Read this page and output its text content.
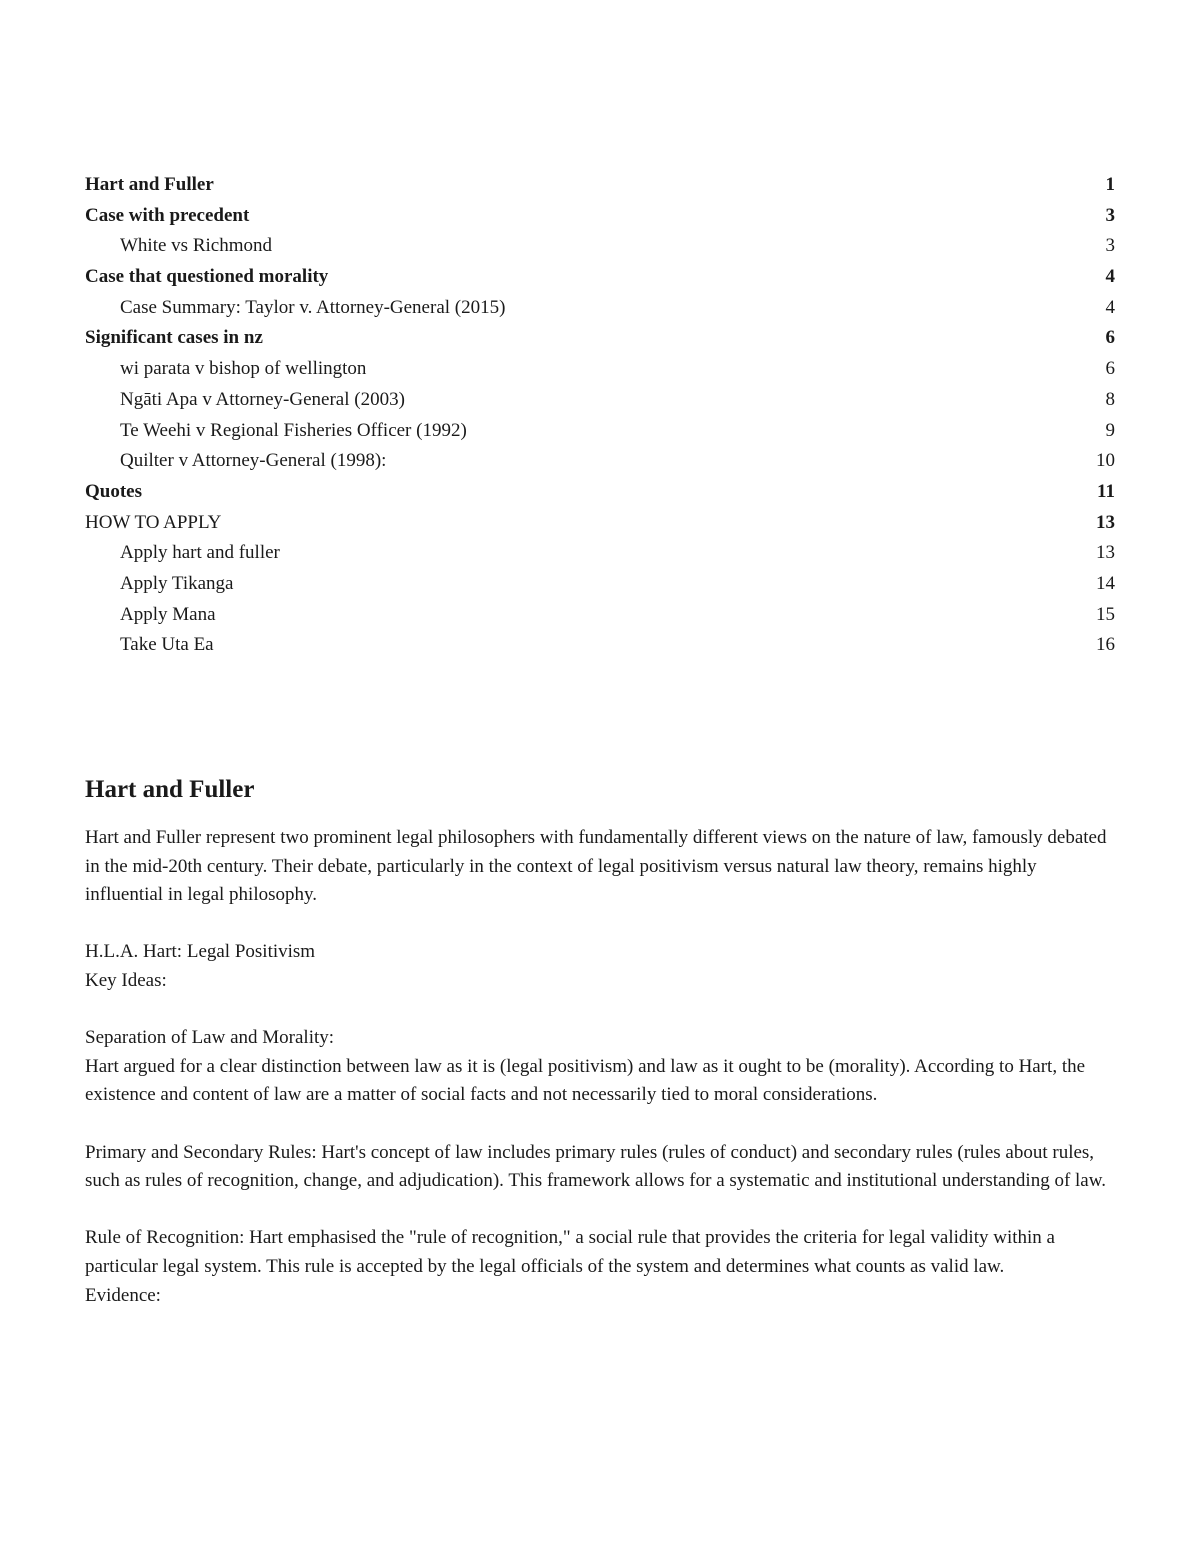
Hart and Fuller	1
Case with precedent	3
White vs Richmond	3
Case that questioned morality	4
Case Summary: Taylor v. Attorney-General (2015)	4
Significant cases in nz	6
wi parata v bishop of wellington	6
Ngāti Apa v Attorney-General (2003)	8
Te Weehi v Regional Fisheries Officer (1992)	9
Quilter v Attorney-General (1998):	10
Quotes	11
HOW TO APPLY	13
Apply hart and fuller	13
Apply Tikanga	14
Apply Mana	15
Take Uta Ea	16
Hart and Fuller

Hart and Fuller represent two prominent legal philosophers with fundamentally different views on the nature of law, famously debated in the mid-20th century. Their debate, particularly in the context of legal positivism versus natural law theory, remains highly influential in legal philosophy.

H.L.A. Hart: Legal Positivism

Key Ideas:

Separation of Law and Morality:

Hart argued for a clear distinction between law as it is (legal positivism) and law as it ought to be (morality). According to Hart, the existence and content of law are a matter of social facts and not necessarily tied to moral considerations.

Primary and Secondary Rules: Hart's concept of law includes primary rules (rules of conduct) and secondary rules (rules about rules, such as rules of recognition, change, and adjudication). This framework allows for a systematic and institutional understanding of law.

Rule of Recognition: Hart emphasised the "rule of recognition," a social rule that provides the criteria for legal validity within a particular legal system. This rule is accepted by the legal officials of the system and determines what counts as valid law.

Evidence:
